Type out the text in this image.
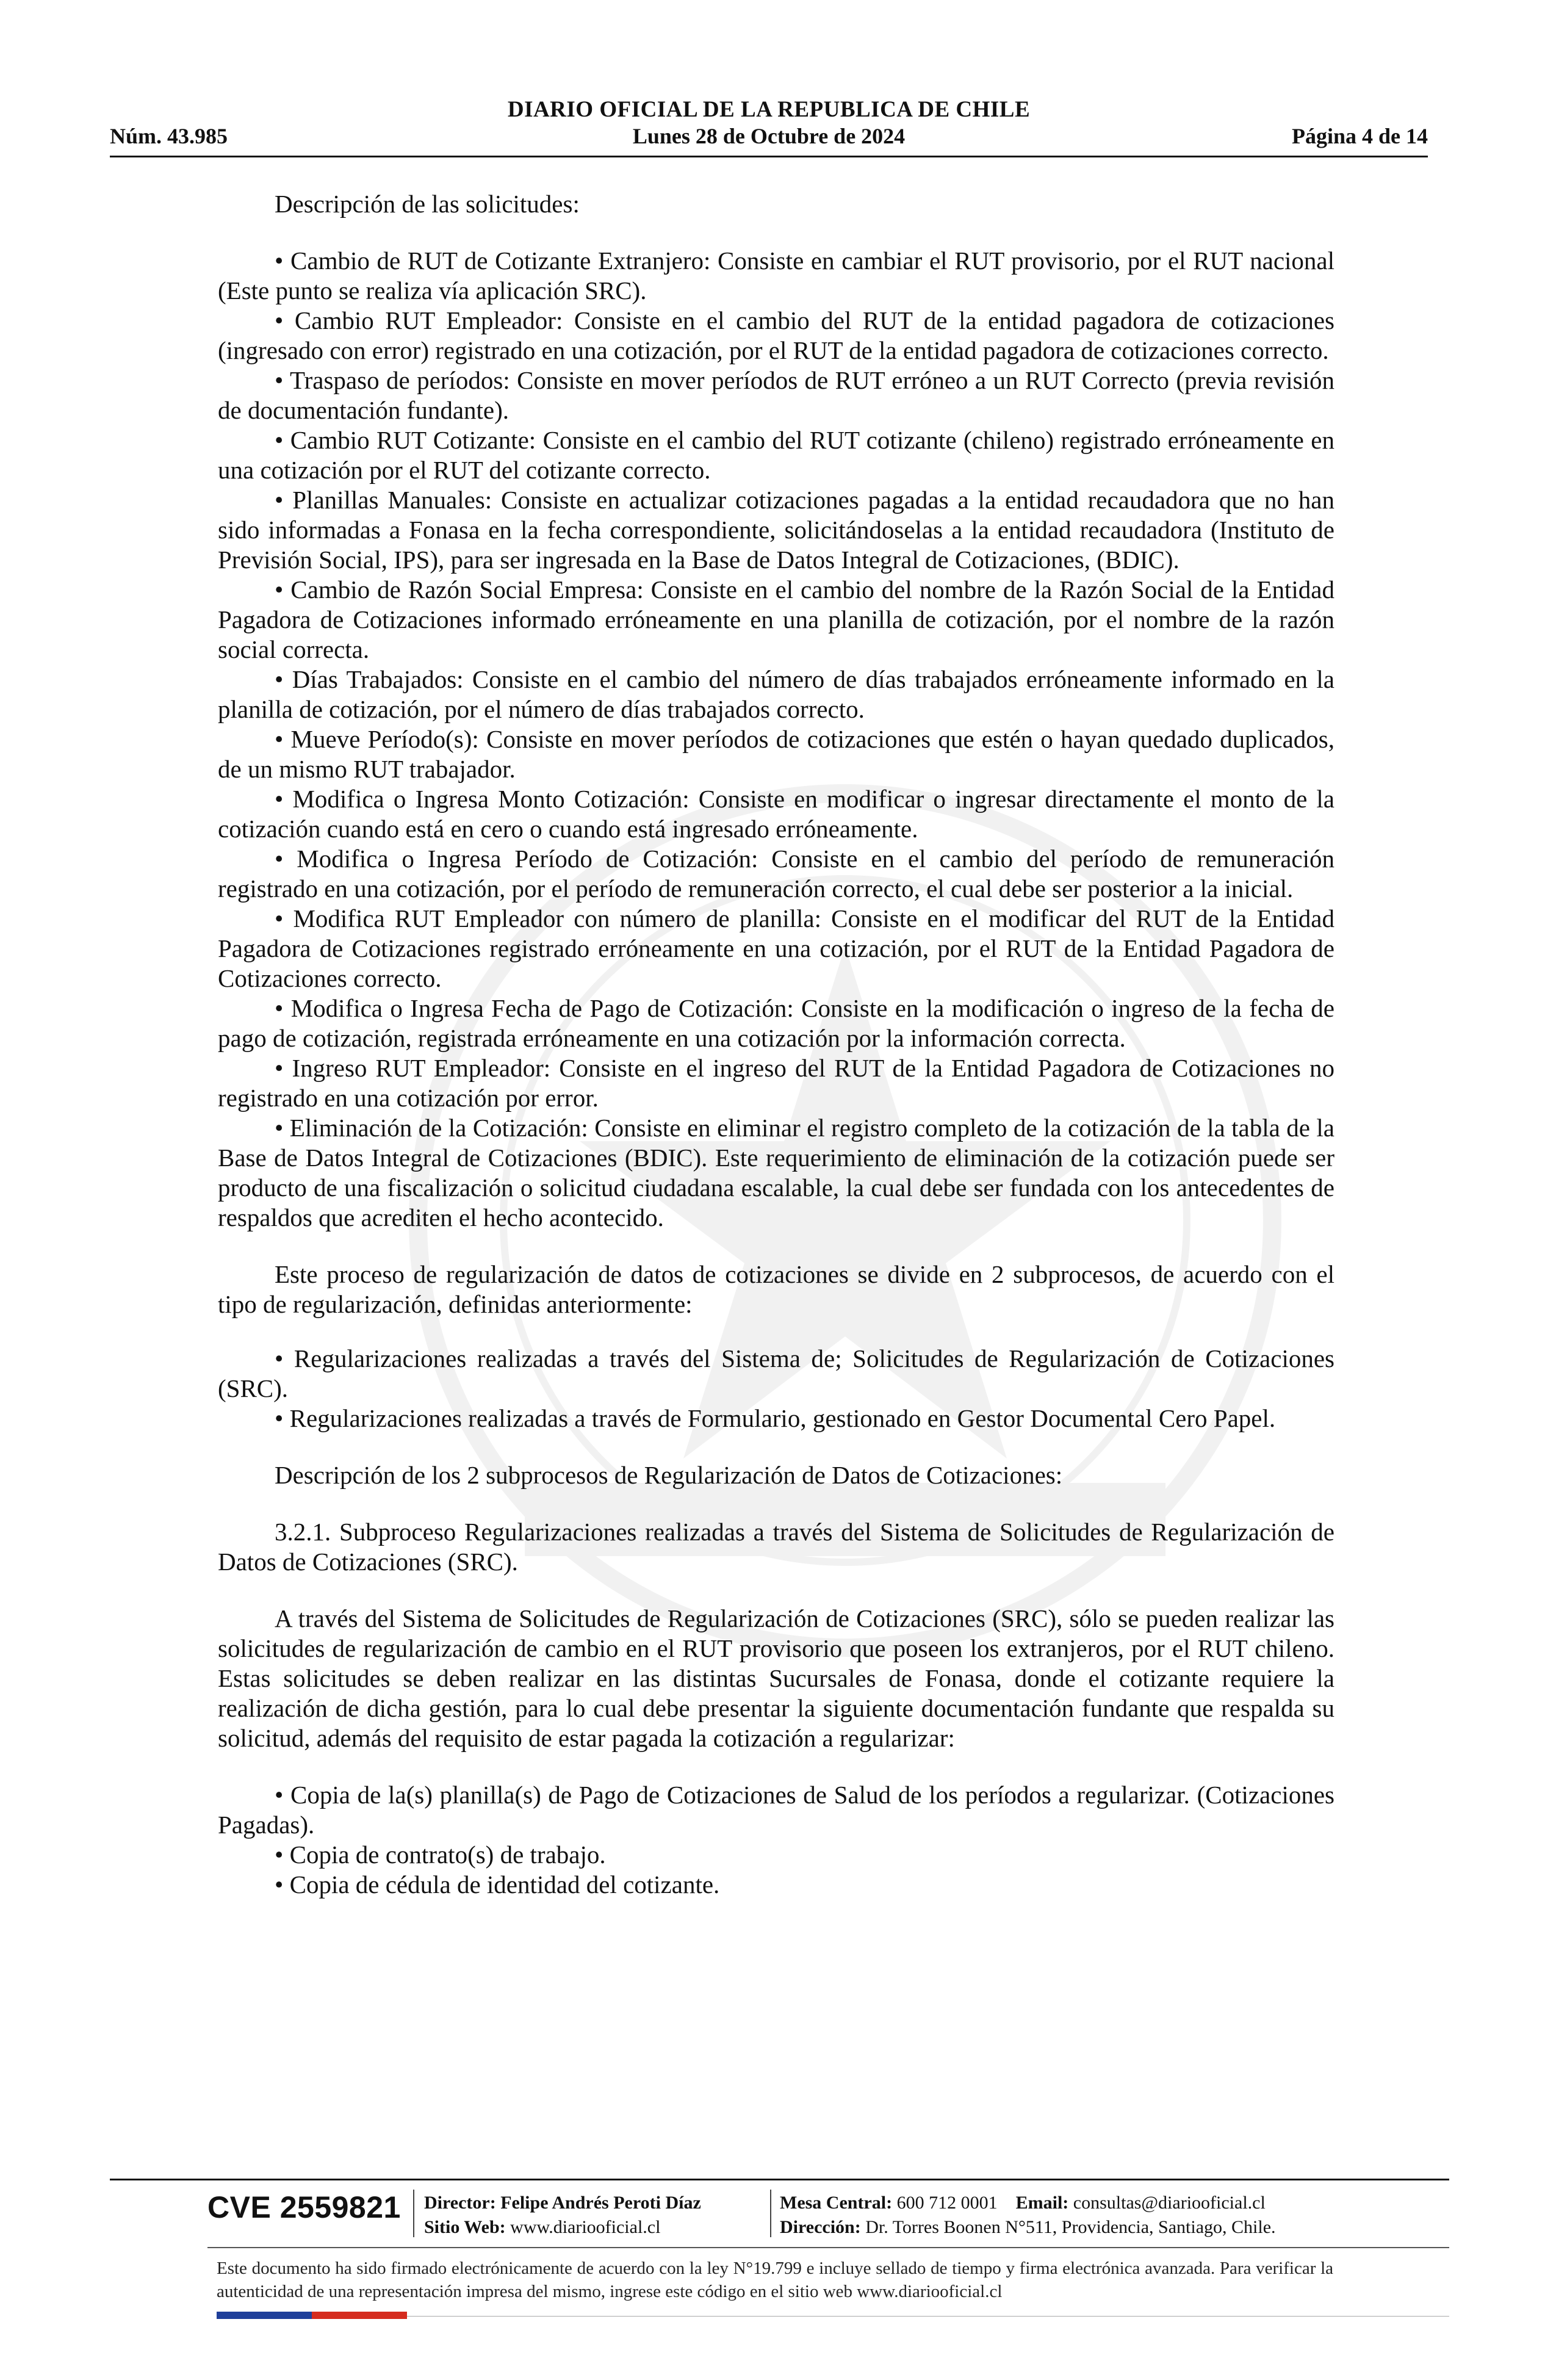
DIARIO OFICIAL DE LA REPUBLICA DE CHILE
Núm. 43.985	Lunes 28 de Octubre de 2024	Página 4 de 14

Descripción de las solicitudes:

• Cambio de RUT de Cotizante Extranjero: Consiste en cambiar el RUT provisorio, por el RUT nacional (Este punto se realiza vía aplicación SRC).

• Cambio RUT Empleador: Consiste en el cambio del RUT de la entidad pagadora de cotizaciones (ingresado con error) registrado en una cotización, por el RUT de la entidad pagadora de cotizaciones correcto.

• Traspaso de períodos: Consiste en mover períodos de RUT erróneo a un RUT Correcto (previa revisión de documentación fundante).

• Cambio RUT Cotizante: Consiste en el cambio del RUT cotizante (chileno) registrado erróneamente en una cotización por el RUT del cotizante correcto.

• Planillas Manuales: Consiste en actualizar cotizaciones pagadas a la entidad recaudadora que no han sido informadas a Fonasa en la fecha correspondiente, solicitándoselas a la entidad recaudadora (Instituto de Previsión Social, IPS), para ser ingresada en la Base de Datos Integral de Cotizaciones, (BDIC).

• Cambio de Razón Social Empresa: Consiste en el cambio del nombre de la Razón Social de la Entidad Pagadora de Cotizaciones informado erróneamente en una planilla de cotización, por el nombre de la razón social correcta.

• Días Trabajados: Consiste en el cambio del número de días trabajados erróneamente informado en la planilla de cotización, por el número de días trabajados correcto.

• Mueve Período(s): Consiste en mover períodos de cotizaciones que estén o hayan quedado duplicados, de un mismo RUT trabajador.

• Modifica o Ingresa Monto Cotización: Consiste en modificar o ingresar directamente el monto de la cotización cuando está en cero o cuando está ingresado erróneamente.

• Modifica o Ingresa Período de Cotización: Consiste en el cambio del período de remuneración registrado en una cotización, por el período de remuneración correcto, el cual debe ser posterior a la inicial.

• Modifica RUT Empleador con número de planilla: Consiste en el modificar del RUT de la Entidad Pagadora de Cotizaciones registrado erróneamente en una cotización, por el RUT de la Entidad Pagadora de Cotizaciones correcto.

• Modifica o Ingresa Fecha de Pago de Cotización: Consiste en la modificación o ingreso de la fecha de pago de cotización, registrada erróneamente en una cotización por la información correcta.

• Ingreso RUT Empleador: Consiste en el ingreso del RUT de la Entidad Pagadora de Cotizaciones no registrado en una cotización por error.

• Eliminación de la Cotización: Consiste en eliminar el registro completo de la cotización de la tabla de la Base de Datos Integral de Cotizaciones (BDIC). Este requerimiento de eliminación de la cotización puede ser producto de una fiscalización o solicitud ciudadana escalable, la cual debe ser fundada con los antecedentes de respaldos que acrediten el hecho acontecido.

Este proceso de regularización de datos de cotizaciones se divide en 2 subprocesos, de acuerdo con el tipo de regularización, definidas anteriormente:

• Regularizaciones realizadas a través del Sistema de; Solicitudes de Regularización de Cotizaciones (SRC).

• Regularizaciones realizadas a través de Formulario, gestionado en Gestor Documental Cero Papel.

Descripción de los 2 subprocesos de Regularización de Datos de Cotizaciones:

3.2.1. Subproceso Regularizaciones realizadas a través del Sistema de Solicitudes de Regularización de Datos de Cotizaciones (SRC).

A través del Sistema de Solicitudes de Regularización de Cotizaciones (SRC), sólo se pueden realizar las solicitudes de regularización de cambio en el RUT provisorio que poseen los extranjeros, por el RUT chileno. Estas solicitudes se deben realizar en las distintas Sucursales de Fonasa, donde el cotizante requiere la realización de dicha gestión, para lo cual debe presentar la siguiente documentación fundante que respalda su solicitud, además del requisito de estar pagada la cotización a regularizar:

• Copia de la(s) planilla(s) de Pago de Cotizaciones de Salud de los períodos a regularizar. (Cotizaciones Pagadas).

• Copia de contrato(s) de trabajo.

• Copia de cédula de identidad del cotizante.

CVE 2559821 Director: Felipe Andrés Peroti Díaz
Sitio Web: www.diariooficial.cl
Mesa Central: 600 712 0001 Email: consultas@diariooficial.cl
Dirección: Dr. Torres Boonen N°511, Providencia, Santiago, Chile.
Este documento ha sido firmado electrónicamente de acuerdo con la ley N°19.799 e incluye sellado de tiempo y firma electrónica avanzada. Para verificar la autenticidad de una representación impresa del mismo, ingrese este código en el sitio web www.diariooficial.cl
